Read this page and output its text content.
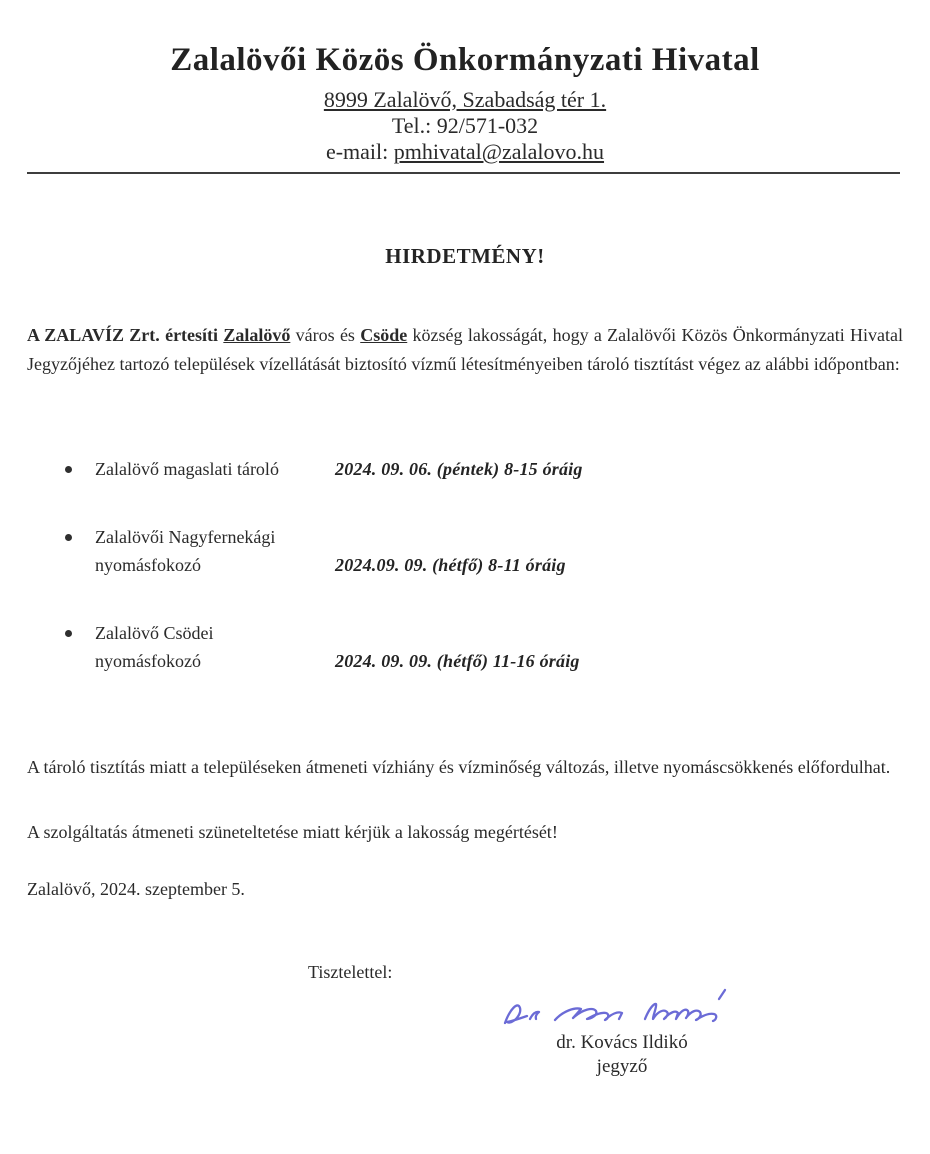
Zalalövői Közös Önkormányzati Hivatal

8999 Zalalövő, Szabadság tér 1.

Tel.: 92/571-032

e-mail: pmhivatal@zalalovo.hu

HIRDETMÉNY!

A ZALAVÍZ Zrt. értesíti Zalalövő város és Csöde község lakosságát, hogy a Zalalövői Közös Önkormányzati Hivatal Jegyzőjéhez tartozó települések vízellátását biztosító vízmű létesítményeiben tároló tisztítást végez az alábbi időpontban:

Zalalövő magaslati tároló	2024. 09. 06. (péntek) 8-15 óráig
Zalalövői Nagyfernekági
nyomásfokozó	2024.09. 09. (hétfő) 8-11 óráig
Zalalövő Csödei
nyomásfokozó	2024. 09. 09. (hétfő) 11-16 óráig

A tároló tisztítás miatt a településeken átmeneti vízhiány és vízminőség változás, illetve nyomáscsökkenés előfordulhat.

A szolgáltatás átmeneti szüneteltetése miatt kérjük a lakosság megértését!

Zalalövő, 2024. szeptember 5.

Tisztelettel:

dr. Kovács Ildikó
jegyző
